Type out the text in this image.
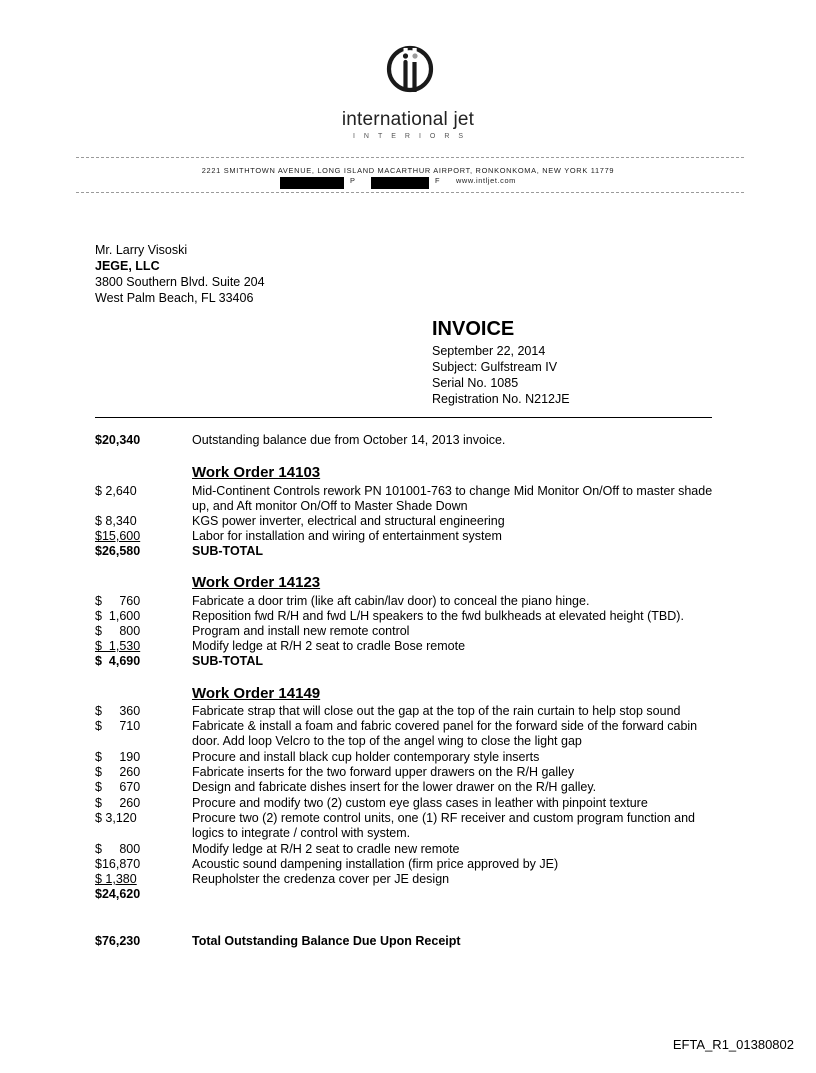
international jet
INTERIORS
2221 SMITHTOWN AVENUE, LONG ISLAND MACARTHUR AIRPORT, RONKONKOMA, NEW YORK 11779
P	F www.intljet.com
Mr. Larry Visoski
JEGE, LLC
3800 Southern Blvd. Suite 204
West Palm Beach, FL 33406
INVOICE
September 22, 2014
Subject: Gulfstream IV
Serial No. 1085
Registration No. N212JE
$20,340	Outstanding balance due from October 14, 2013 invoice.
Work Order 14103
$ 2,640	Mid-Continent Controls rework PN 101001-763 to change Mid Monitor On/Off to master shade up, and Aft monitor On/Off to Master Shade Down
$ 8,340	KGS power inverter, electrical and structural engineering
$15,600	Labor for installation and wiring of entertainment system
$26,580	SUB-TOTAL
Work Order 14123
$     760	Fabricate a door trim (like aft cabin/lav door) to conceal the piano hinge.
$  1,600	Reposition fwd R/H and fwd L/H speakers to the fwd bulkheads at elevated height (TBD).
$     800	Program and install new remote control
$  1,530	Modify ledge at R/H 2 seat to cradle Bose remote
$  4,690	SUB-TOTAL
Work Order 14149
$     360	Fabricate strap that will close out the gap at the top of the rain curtain to help stop sound
$     710	Fabricate & install a foam and fabric covered panel for the forward side of the forward cabin door. Add loop Velcro to the top of the angel wing to close the light gap
$     190	Procure and install black cup holder contemporary style inserts
$     260	Fabricate inserts for the two forward upper drawers on the R/H galley
$     670	Design and fabricate dishes insert for the lower drawer on the R/H galley.
$     260	Procure and modify two (2) custom eye glass cases in leather with pinpoint texture
$ 3,120	Procure two (2) remote control units, one (1) RF receiver and custom program function and logics to integrate / control with system.
$     800	Modify ledge at R/H 2 seat to cradle new remote
$16,870	Acoustic sound dampening installation (firm price approved by JE)
$ 1,380	Reupholster the credenza cover per JE design
$24,620
$76,230	Total Outstanding Balance Due Upon Receipt
EFTA_R1_01380802
